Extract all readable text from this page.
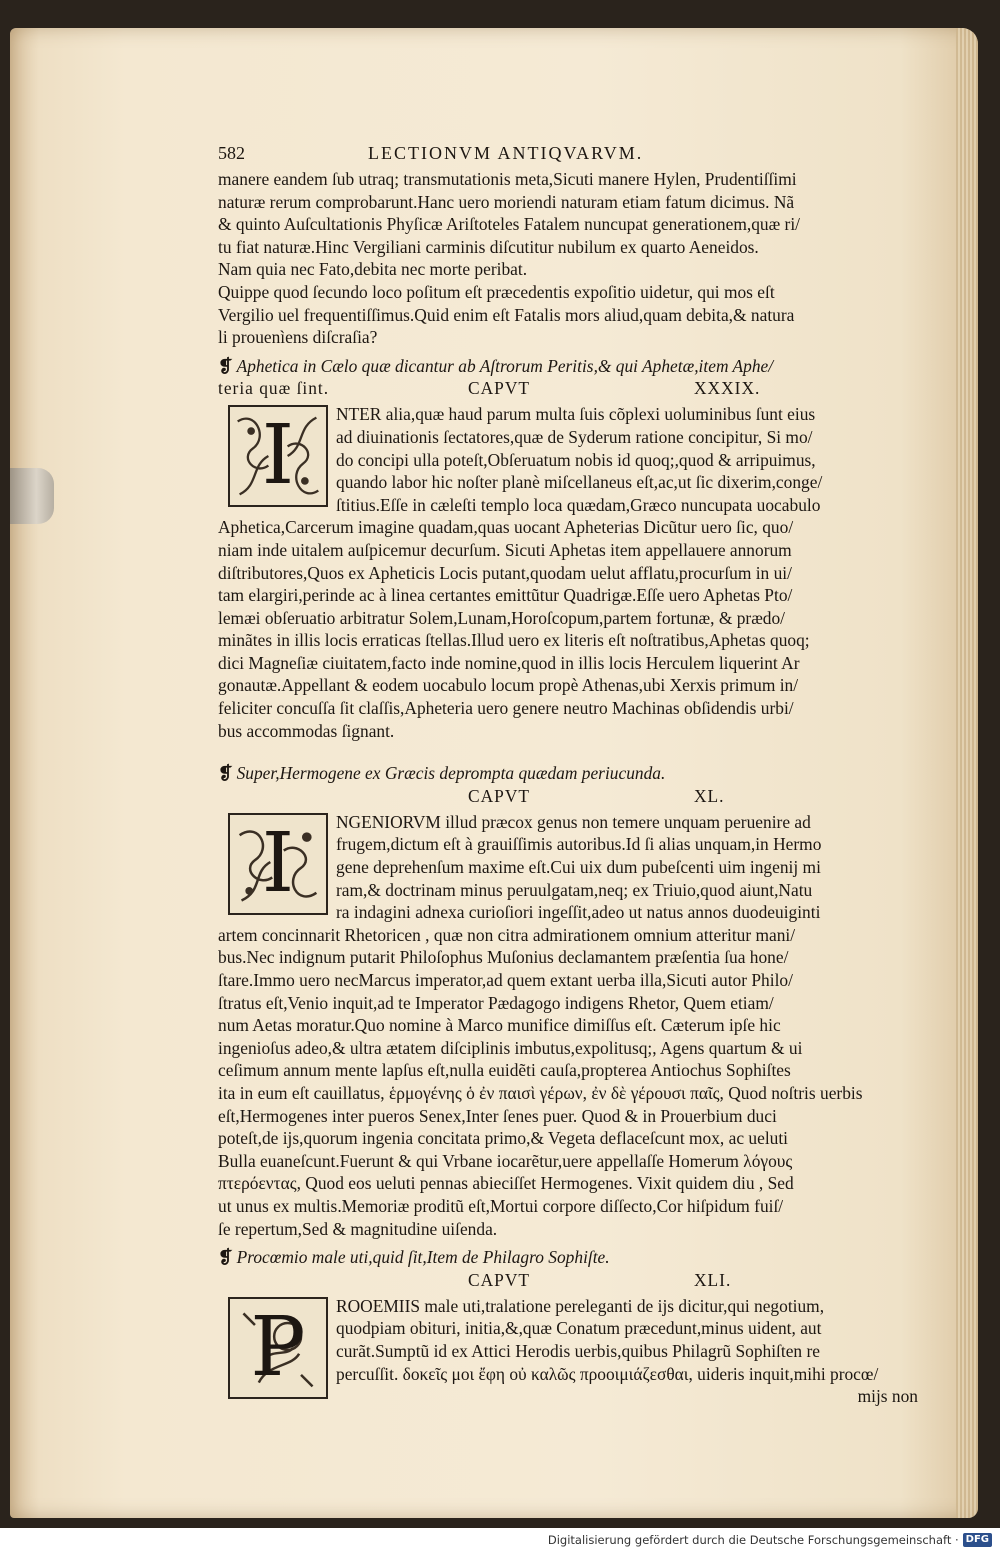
582	LECTIONVM ANTIQVARVM.

manere eandem ſub utraq; transmutationis meta,Sicuti manere Hylen, Prudentiſſimi

naturæ rerum comprobarunt.Hanc uero moriendi naturam etiam fatum dicimus. Nã

& quinto Auſcultationis Phyſicæ Ariſtoteles Fatalem nuncupat generationem,quæ ri/

tu fiat naturæ.Hinc Vergiliani carminis diſcutitur nubilum ex quarto Aeneidos.

Nam quia nec Fato,debita nec morte peribat.

Quippe quod ſecundo loco poſitum eſt præcedentis expoſitio uidetur, qui mos eſt

Vergilio uel frequentiſſimus.Quid enim eſt Fatalis mors aliud,quam debita,& natura

li prouenìens diſcraſia?

❡ Aphetica in Cælo quæ dicantur ab Aſtrorum Peritis,& qui Aphetæ,item Aphe/

teria quæ ſint.	CAPVT	XXXIX.
I	NTER alia,quæ haud parum multa ſuis cõplexi uoluminibus ſunt eius

ad diuinationis ſectatores,quæ de Syderum ratione concipitur, Si mo/

do concipi ulla poteſt,Obſeruatum nobis id quoq;,quod & arripuimus,

quando labor hic noſter planè miſcellaneus eſt,ac,ut ſic dixerim,conge/

ſtitius.Eſſe in cæleſti templo loca quædam,Græco nuncupata uocabulo

Aphetica,Carcerum imagine quadam,quas uocant Apheterias Dicũtur uero ſic, quo/

niam inde uitalem auſpicemur decurſum. Sicuti Aphetas item appellauere annorum

diſtributores,Quos ex Apheticis Locis putant,quodam uelut afflatu,procurſum in ui/

tam elargiri,perinde ac à linea certantes emittũtur Quadrigæ.Eſſe uero Aphetas Pto/

lemæi obſeruatio arbitratur Solem,Lunam,Horoſcopum,partem fortunæ, & prædo/

minãtes in illis locis erraticas ſtellas.Illud uero ex literis eſt noſtratibus,Aphetas quoq;

dici Magneſiæ ciuitatem,facto inde nomine,quod in illis locis Herculem liquerint Ar

gonautæ.Appellant & eodem uocabulo locum propè Athenas,ubi Xerxis primum in/

feliciter concuſſa ſit claſſis,Apheteria uero genere neutro Machinas obſidendis urbi/

bus accommodas ſignant.

❡ Super,Hermogene ex Græcis deprompta quædam periucunda.

CAPVT	XL.
I	NGENIORVM illud præcox genus non temere unquam peruenire ad

frugem,dictum eſt à grauiſſimis autoribus.Id ſi alias unquam,in Hermo

gene deprehenſum maxime eſt.Cui uix dum pubeſcenti uim ingenij mi

ram,& doctrinam minus peruulgatam,neq; ex Triuio,quod aiunt,Natu

ra indagini adnexa curioſiori ingeſſit,adeo ut natus annos duodeuiginti

artem concinnarit Rhetoricen , quæ non citra admirationem omnium atteritur mani/

bus.Nec indignum putarit Philoſophus Muſonius declamantem præſentia ſua hone/

ſtare.Immo uero necMarcus imperator,ad quem extant uerba illa,Sicuti autor Philo/

ſtratus eſt,Venio inquit,ad te Imperator Pædagogo indigens Rhetor, Quem etiam/

num Aetas moratur.Quo nomine à Marco munifice dimiſſus eſt. Cæterum ipſe hic

ingenioſus adeo,& ultra ætatem diſciplinis imbutus,expolitusq;, Agens quartum & ui

ceſimum annum mente lapſus eſt,nulla euidẽti cauſa,propterea Antiochus Sophiſtes

ita in eum eſt cauillatus, ἑρμογένης ὁ ἐν παισὶ γέρων, ἐν δὲ γέρουσι παῖς, Quod noſtris uerbis

eſt,Hermogenes inter pueros Senex,Inter ſenes puer. Quod & in Prouerbium duci

poteſt,de ijs,quorum ingenia concitata primo,& Vegeta deflaceſcunt mox, ac ueluti

Bulla euaneſcunt.Fuerunt & qui Vrbane iocarẽtur,uere appellaſſe Homerum λόγους

πτερόεντας, Quod eos ueluti pennas abieciſſet Hermogenes. Vixit quidem diu , Sed

ut unus ex multis.Memoriæ proditũ eſt,Mortui corpore diſſecto,Cor hiſpidum fuiſ/

ſe repertum,Sed & magnitudine uiſenda.

❡ Procœmio male uti,quid ſit,Item de Philagro Sophiſte.

CAPVT	XLI.
P	ROOEMIIS male uti,tralatione pereleganti de ijs dicitur,qui negotium,

quodpiam obituri, initia,&,quæ Conatum præcedunt,minus uident, aut

curãt.Sumptũ id ex Attici Herodis uerbis,quibus Philagrũ Sophiſten re

percuſſit. δοκεῖς μοι ἔφη οὐ καλῶς προοιμιάζεσθαι, uideris inquit,mihi procœ/

mijs non

Digitalisierung gefördert durch die Deutsche Forschungsgemeinschaft · DFG
